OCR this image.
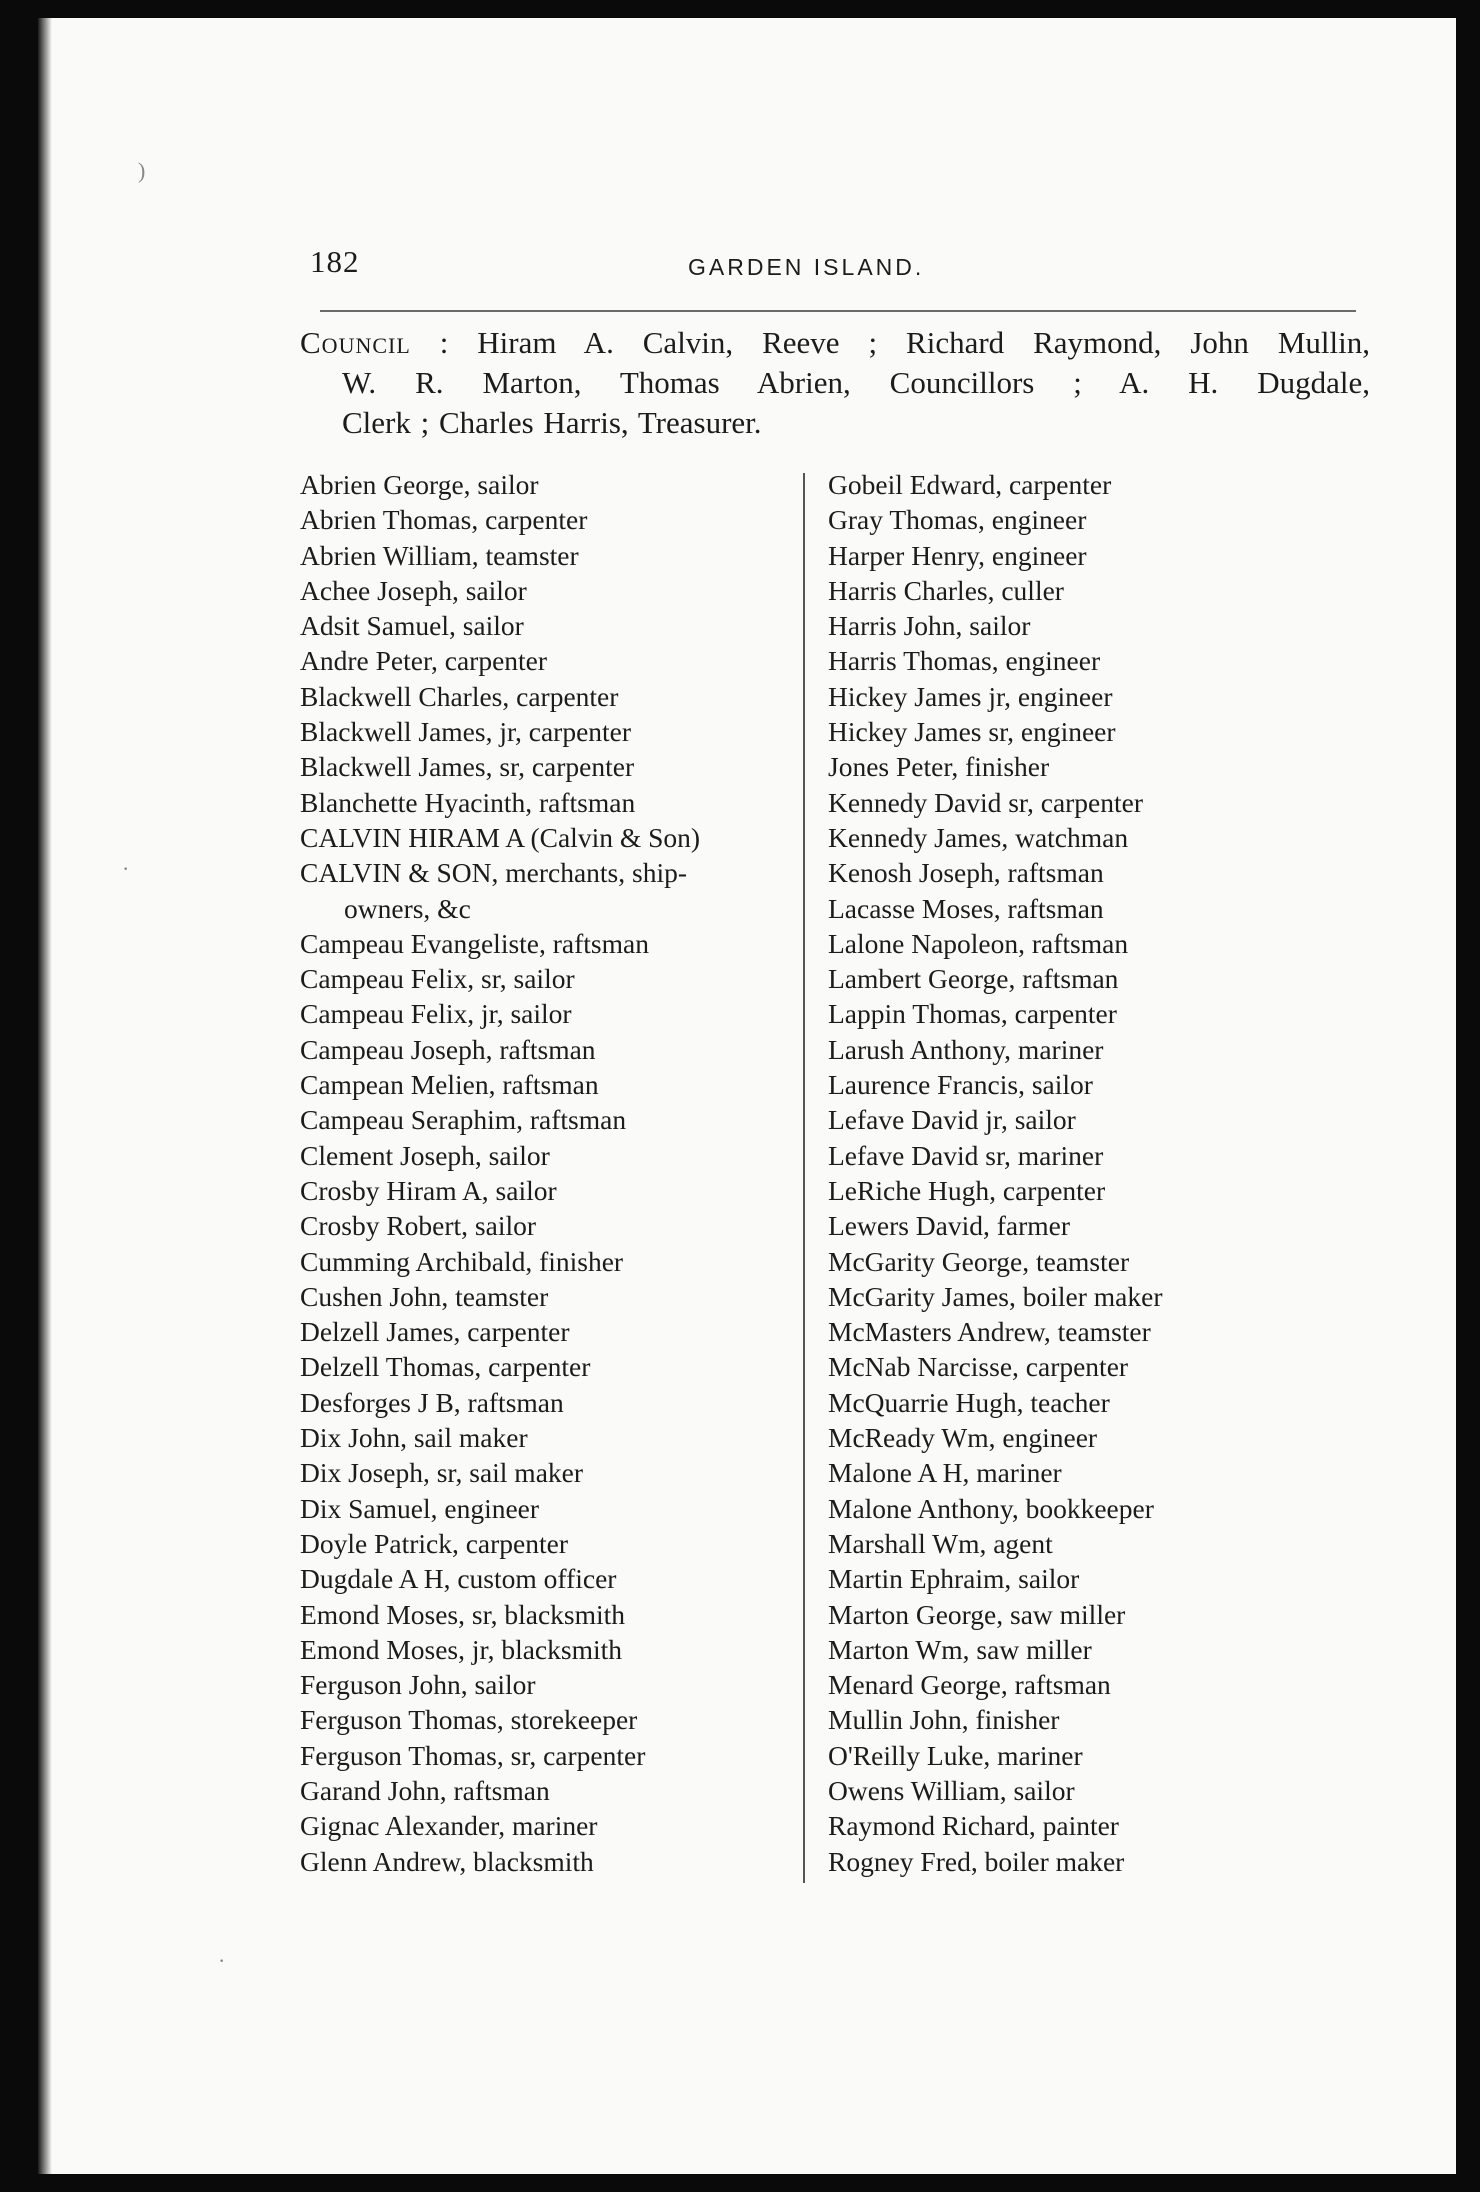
)
·
·
182	GARDEN ISLAND.
Council : Hiram A. Calvin, Reeve ; Richard Raymond, John Mullin,
W. R. Marton, Thomas Abrien, Councillors ; A. H. Dugdale,
Clerk ; Charles Harris, Treasurer.
Abrien George, sailor
Abrien Thomas, carpenter
Abrien William, teamster
Achee Joseph, sailor
Adsit Samuel, sailor
Andre Peter, carpenter
Blackwell Charles, carpenter
Blackwell James, jr, carpenter
Blackwell James, sr, carpenter
Blanchette Hyacinth, raftsman
CALVIN HIRAM A (Calvin & Son)
CALVIN & SON, merchants, ship-
owners, &c
Campeau Evangeliste, raftsman
Campeau Felix, sr, sailor
Campeau Felix, jr, sailor
Campeau Joseph, raftsman
Campean Melien, raftsman
Campeau Seraphim, raftsman
Clement Joseph, sailor
Crosby Hiram A, sailor
Crosby Robert, sailor
Cumming Archibald, finisher
Cushen John, teamster
Delzell James, carpenter
Delzell Thomas, carpenter
Desforges J B, raftsman
Dix John, sail maker
Dix Joseph, sr, sail maker
Dix Samuel, engineer
Doyle Patrick, carpenter
Dugdale A H, custom officer
Emond Moses, sr, blacksmith
Emond Moses, jr, blacksmith
Ferguson John, sailor
Ferguson Thomas, storekeeper
Ferguson Thomas, sr, carpenter
Garand John, raftsman
Gignac Alexander, mariner
Glenn Andrew, blacksmith
Gobeil Edward, carpenter
Gray Thomas, engineer
Harper Henry, engineer
Harris Charles, culler
Harris John, sailor
Harris Thomas, engineer
Hickey James jr, engineer
Hickey James sr, engineer
Jones Peter, finisher
Kennedy David sr, carpenter
Kennedy James, watchman
Kenosh Joseph, raftsman
Lacasse Moses, raftsman
Lalone Napoleon, raftsman
Lambert George, raftsman
Lappin Thomas, carpenter
Larush Anthony, mariner
Laurence Francis, sailor
Lefave David jr, sailor
Lefave David sr, mariner
LeRiche Hugh, carpenter
Lewers David, farmer
McGarity George, teamster
McGarity James, boiler maker
McMasters Andrew, teamster
McNab Narcisse, carpenter
McQuarrie Hugh, teacher
McReady Wm, engineer
Malone A H, mariner
Malone Anthony, bookkeeper
Marshall Wm, agent
Martin Ephraim, sailor
Marton George, saw miller
Marton Wm, saw miller
Menard George, raftsman
Mullin John, finisher
O'Reilly Luke, mariner
Owens William, sailor
Raymond Richard, painter
Rogney Fred, boiler maker
